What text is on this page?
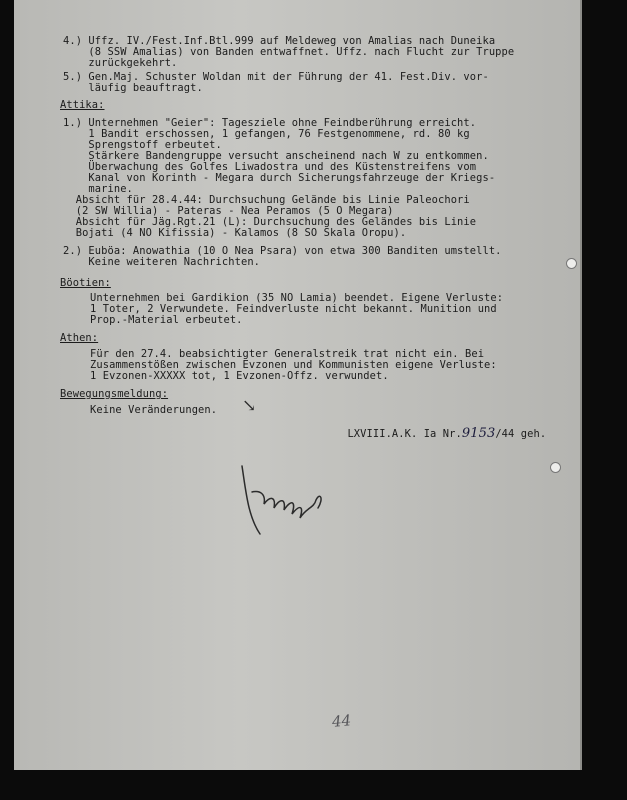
4.) Uffz. IV./Fest.Inf.Btl.999 auf Meldeweg von Amalias nach Duneika
(8 SSW Amalias) von Banden entwaffnet. Uffz. nach Flucht zur Truppe
zurückgekehrt.
5.) Gen.Maj. Schuster Woldan mit der Führung der 41. Fest.Div. vor-
läufig beauftragt.
Attika:
1.) Unternehmen "Geier": Tagesziele ohne Feindberührung erreicht.
1 Bandit erschossen, 1 gefangen, 76 Festgenommene, rd. 80 kg
Sprengstoff erbeutet.
Stärkere Bandengruppe versucht anscheinend nach W zu entkommen.
Überwachung des Golfes Liwadostra und des Küstenstreifens vom
Kanal von Korinth - Megara durch Sicherungsfahrzeuge der Kriegs-
marine.
Absicht für 28.4.44: Durchsuchung Gelände bis Linie Paleochori
(2 SW Willia) - Pateras - Nea Peramos (5 O Megara)
Absicht für Jäg.Rgt.21 (L): Durchsuchung des Geländes bis Linie
Bojati (4 NO Kifissia) - Kalamos (8 SO Skala Oropu).
2.) Euböa: Anowathia (10 O Nea Psara) von etwa 300 Banditen umstellt.
Keine weiteren Nachrichten.
Böotien:
Unternehmen bei Gardikion (35 NO Lamia) beendet. Eigene Verluste:
1 Toter, 2 Verwundete. Feindverluste nicht bekannt. Munition und
Prop.-Material erbeutet.
Athen:
Für den 27.4. beabsichtigter Generalstreik trat nicht ein. Bei
Zusammenstößen zwischen Evzonen und Kommunisten eigene Verluste:
1 Evzonen-XXXXX tot, 1 Evzonen-Offz. verwundet.
Bewegungsmeldung:
Keine Veränderungen. ↘

LXVIII.A.K. Ia Nr.9153/44 geh.

44
